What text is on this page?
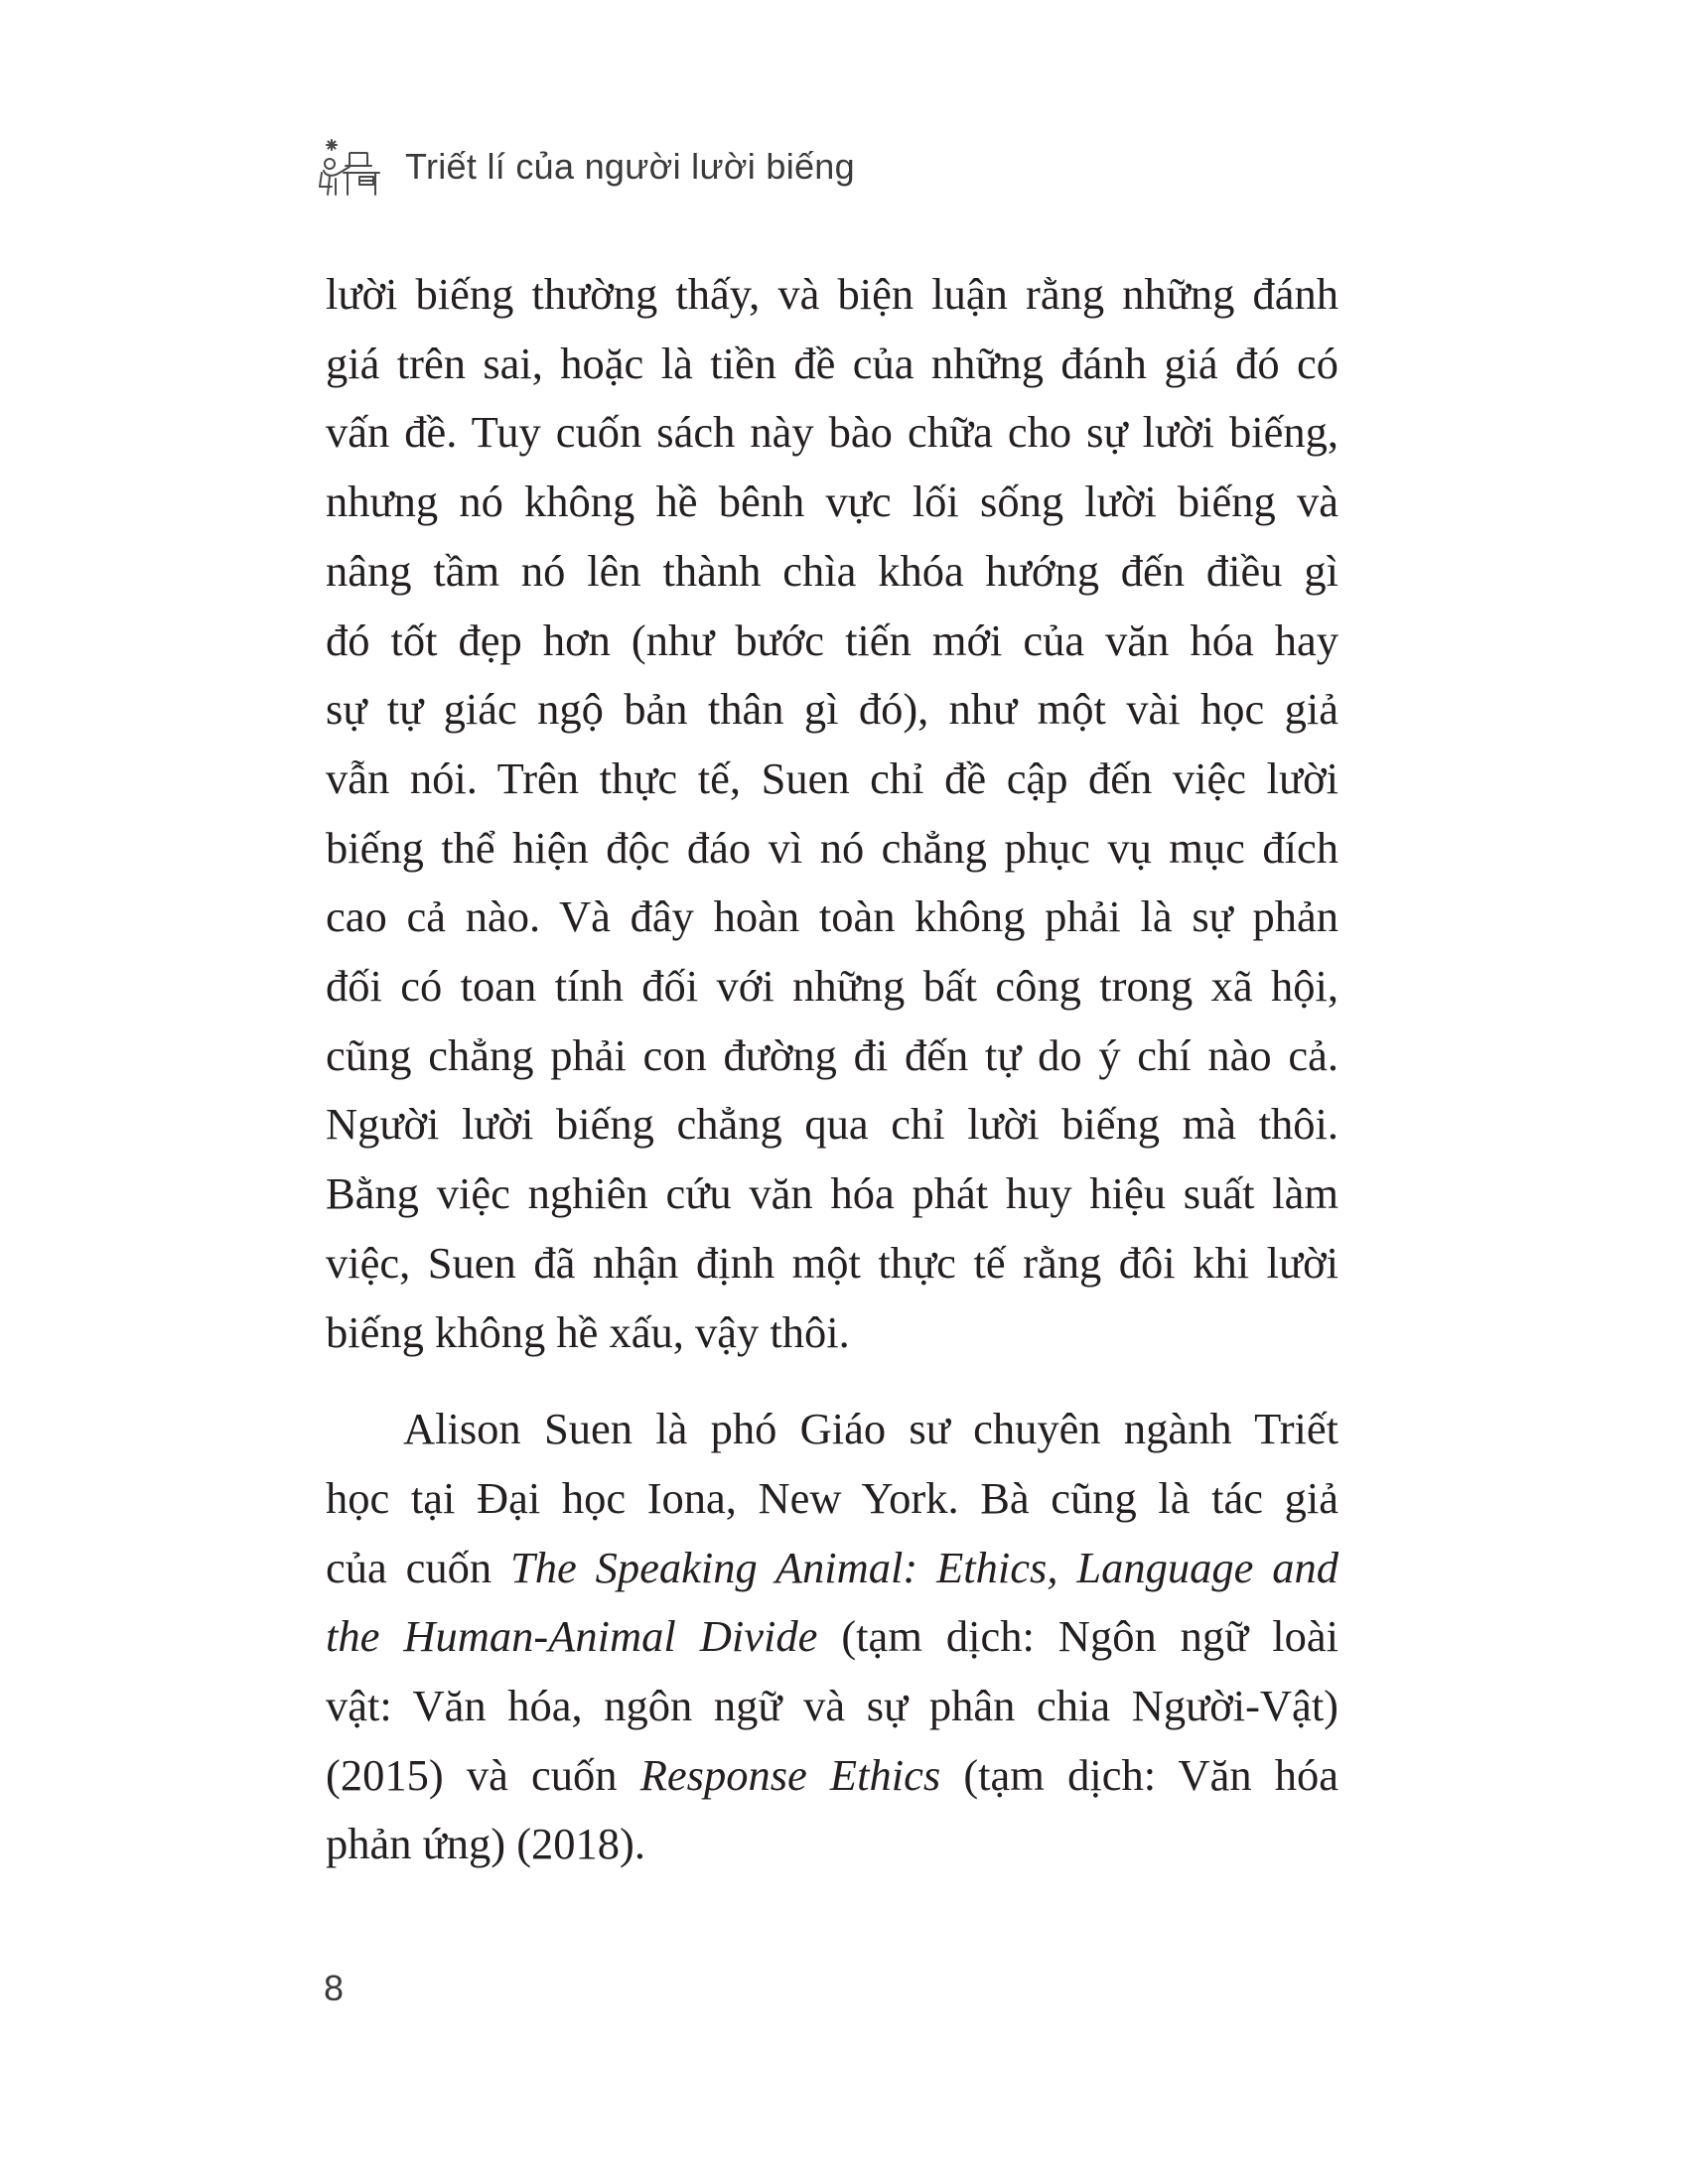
Triết lí của người lười biếng
lười biếng thường thấy, và biện luận rằng những đánh
giá trên sai, hoặc là tiền đề của những đánh giá đó có
vấn đề. Tuy cuốn sách này bào chữa cho sự lười biếng,
nhưng nó không hề bênh vực lối sống lười biếng và
nâng tầm nó lên thành chìa khóa hướng đến điều gì
đó tốt đẹp hơn (như bước tiến mới của văn hóa hay
sự tự giác ngộ bản thân gì đó), như một vài học giả
vẫn nói. Trên thực tế, Suen chỉ đề cập đến việc lười
biếng thể hiện độc đáo vì nó chẳng phục vụ mục đích
cao cả nào. Và đây hoàn toàn không phải là sự phản
đối có toan tính đối với những bất công trong xã hội,
cũng chẳng phải con đường đi đến tự do ý chí nào cả.
Người lười biếng chẳng qua chỉ lười biếng mà thôi.
Bằng việc nghiên cứu văn hóa phát huy hiệu suất làm
việc, Suen đã nhận định một thực tế rằng đôi khi lười
biếng không hề xấu, vậy thôi.
Alison Suen là phó Giáo sư chuyên ngành Triết
học tại Đại học Iona, New York. Bà cũng là tác giả
của cuốn The Speaking Animal: Ethics, Language and
the Human-Animal Divide (tạm dịch: Ngôn ngữ loài
vật: Văn hóa, ngôn ngữ và sự phân chia Người-Vật)
(2015) và cuốn Response Ethics (tạm dịch: Văn hóa
phản ứng) (2018).
8
